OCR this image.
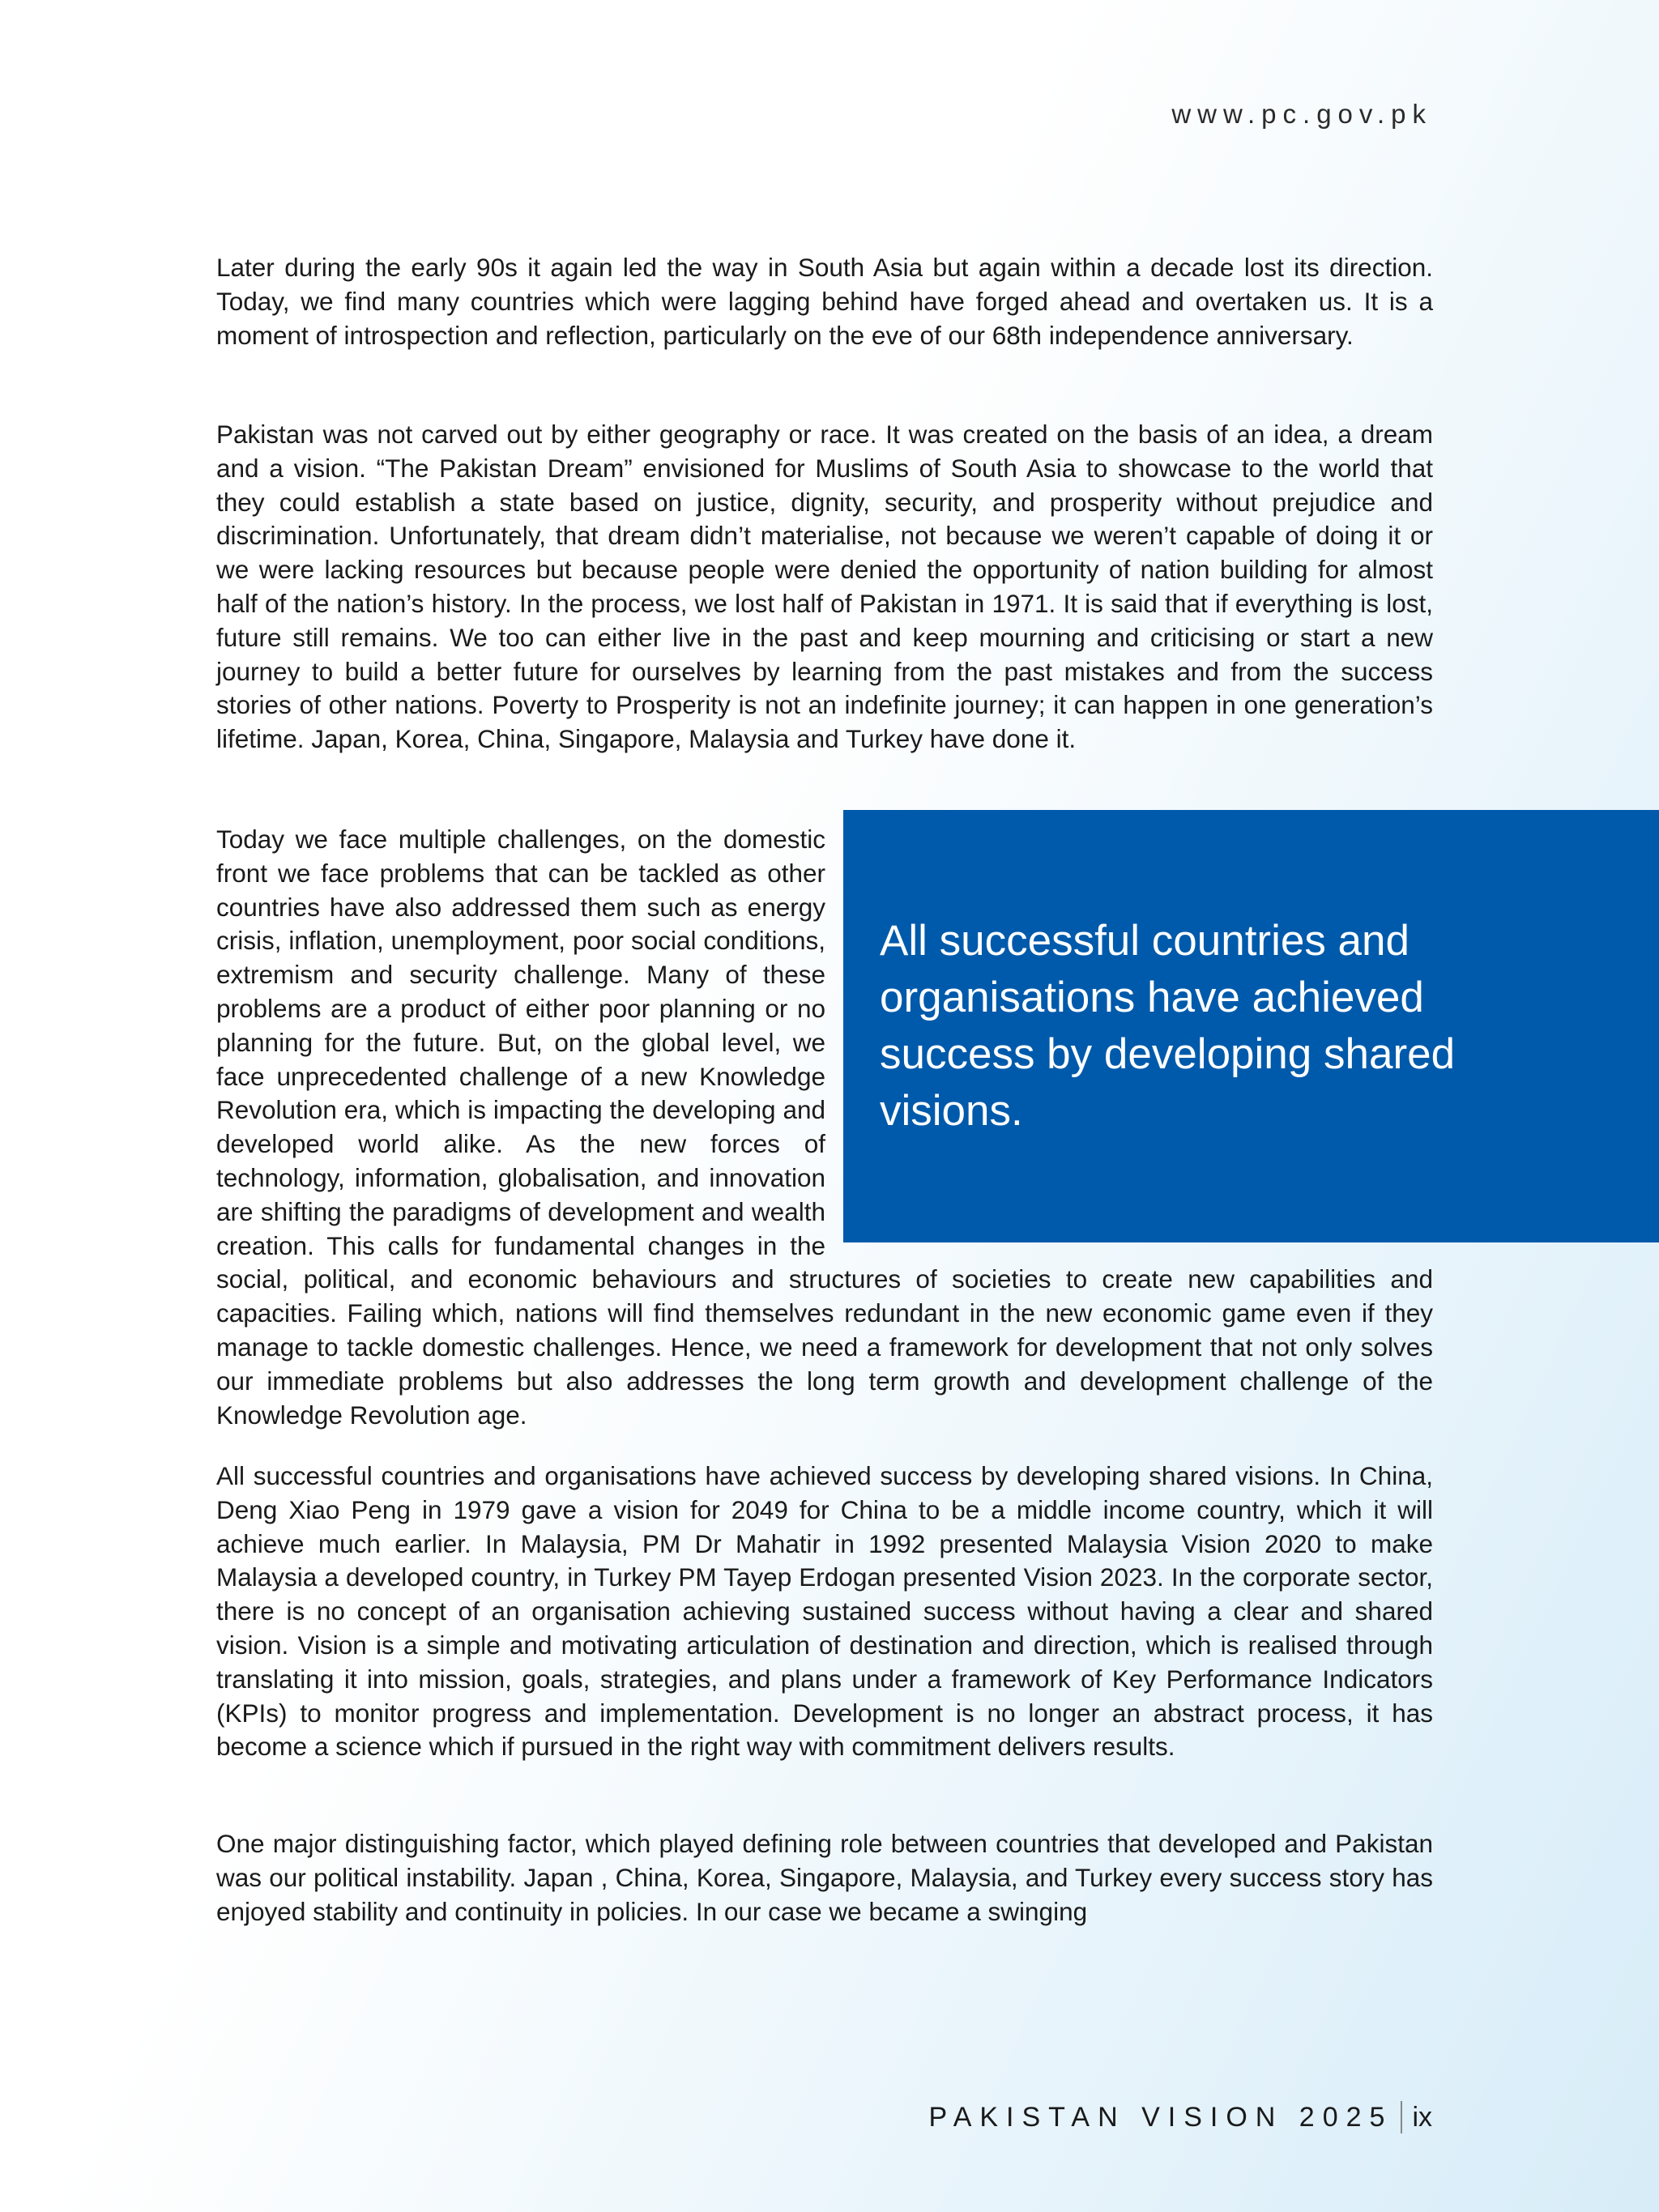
www.pc.gov.pk

Later during the early 90s it again led the way in South Asia but again within a decade lost its direction. Today, we find many countries which were lagging behind have forged ahead and overtaken us. It is a moment of introspection and reflection, particularly on the eve of our 68th independence anniversary.

Pakistan was not carved out by either geography or race. It was created on the basis of an idea, a dream and a vision. “The Pakistan Dream” envisioned for Muslims of South Asia to showcase to the world that they could establish a state based on justice, dignity, security, and prosperity without prejudice and discrimination. Unfortunately, that dream didn’t materialise, not because we weren’t capable of doing it or we were lacking resources but because people were denied the opportunity of nation building for almost half of the nation’s history. In the process, we lost half of Pakistan in 1971. It is said that if everything is lost, future still remains. We too can either live in the past and keep mourning and criticising or start a new journey to build a better future for ourselves by learning from the past mistakes and from the success stories of other nations. Poverty to Prosperity is not an indefinite journey; it can happen in one generation’s lifetime. Japan, Korea, China, Singapore, Malaysia and Turkey have done it.

Today we face multiple challenges, on the domestic front we face problems that can be tackled as other countries have also addressed them such as energy crisis, inflation, unemployment, poor social conditions, extremism and security challenge. Many of these problems are a product of either poor planning or no planning for the future. But, on the global level, we face unprecedented challenge of a new Knowledge Revolution era, which is impacting the developing and developed world alike. As the new forces of technology, information, globalisation, and innovation are shifting the paradigms of development and wealth creation. This calls for fundamental changes in the social, political, and economic behaviours and structures of societies to create new capabilities and capacities. Failing which, nations will find themselves redundant in the new economic game even if they manage to tackle domestic challenges. Hence, we need a framework for development that not only solves our immediate problems but also addresses the long term growth and development challenge of the Knowledge Revolution age.

All successful countries and organisations have achieved success by developing shared visions.

All successful countries and organisations have achieved success by developing shared visions. In China, Deng Xiao Peng in 1979 gave a vision for 2049 for China to be a middle income country, which it will achieve much earlier. In Malaysia, PM Dr Mahatir in 1992 presented Malaysia Vision 2020 to make Malaysia a developed country, in Turkey PM Tayep Erdogan presented Vision 2023. In the corporate sector, there is no concept of an organisation achieving sustained success without having a clear and shared vision. Vision is a simple and motivating articulation of destination and direction, which is realised through translating it into mission, goals, strategies, and plans under a framework of Key Performance Indicators (KPIs) to monitor progress and implementation. Development is no longer an abstract process, it has become a science which if pursued in the right way with commitment delivers results.

One major distinguishing factor, which played defining role between countries that developed and Pakistan was our political instability. Japan , China, Korea, Singapore, Malaysia, and Turkey every success story has enjoyed stability and continuity in policies. In our case we became a swinging

PAKISTAN VISION 2025 ix
